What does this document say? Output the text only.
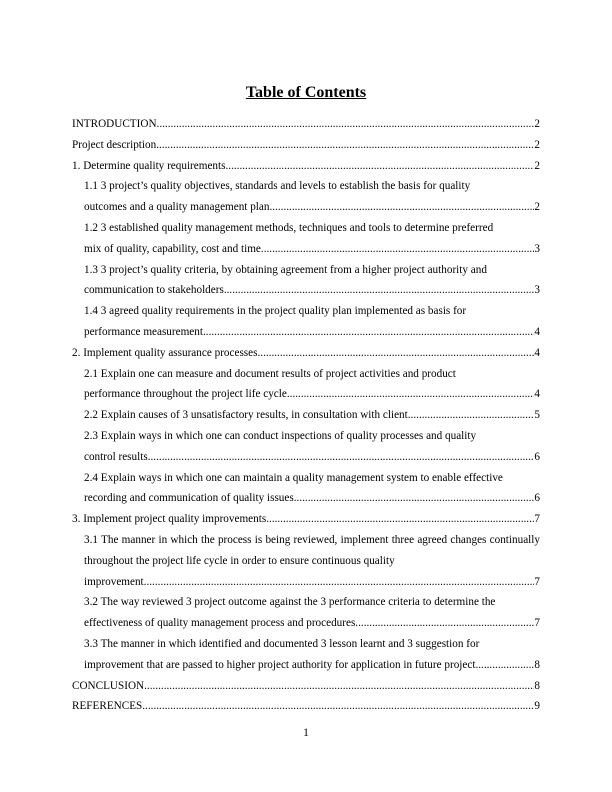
Table of Contents
INTRODUCTION .....	2
Project description .....	2
1. Determine quality requirements .....	2
1.1 3 project’s quality objectives, standards and levels to establish the basis for quality
outcomes and a quality management plan .....	2
1.2 3 established quality management methods, techniques and tools to determine preferred
mix of quality, capability, cost and time .....	3
1.3 3 project’s quality criteria, by obtaining agreement from a higher project authority and
communication to stakeholders .....	3
1.4 3 agreed quality requirements in the project quality plan implemented as basis for
performance measurement .....	4
2. Implement quality assurance processes .....	4
2.1 Explain one can measure and document results of project activities and product
performance throughout the project life cycle .....	4
2.2 Explain causes of 3 unsatisfactory results, in consultation with client .....	5
2.3 Explain ways in which one can conduct inspections of quality processes and quality
control results .....	6
2.4 Explain ways in which one can maintain a quality management system to enable effective
recording and communication of quality issues .....	6
3. Implement project quality improvements .....	7
3.1 The manner in which the process is being reviewed, implement three agreed changes continually throughout the project life cycle in order to ensure continuous quality
improvement .....	7
3.2 The way reviewed 3 project outcome against the 3 performance criteria to determine the
effectiveness of quality management process and procedures .....	7
3.3 The manner in which identified and documented 3 lesson learnt and 3 suggestion for
improvement that are passed to higher project authority for application in future project .....	8
CONCLUSION .....	8
REFERENCES .....	9
1
